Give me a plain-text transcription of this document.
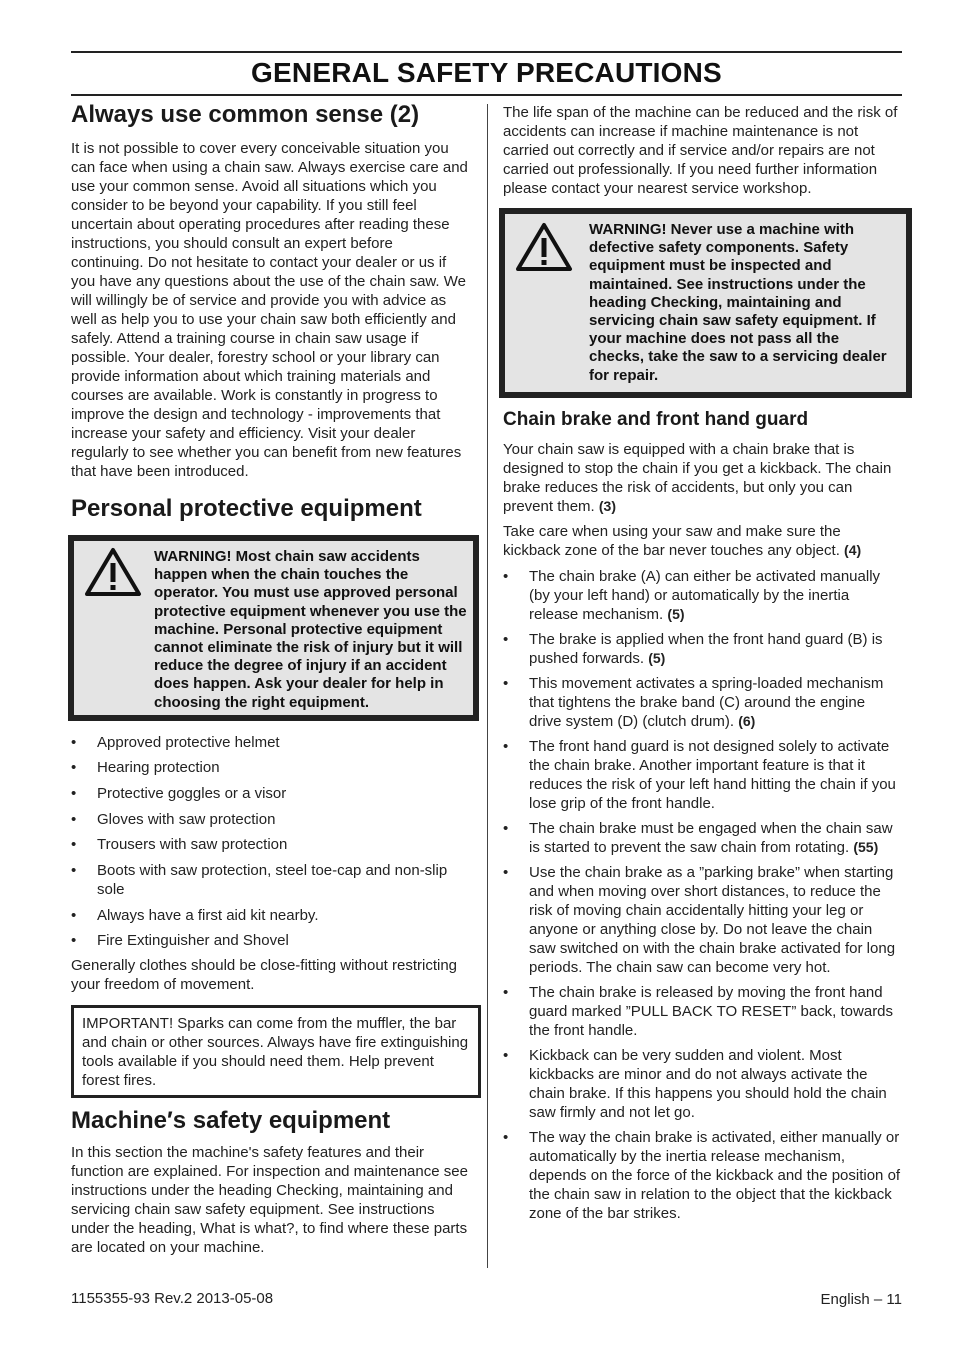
GENERAL SAFETY PRECAUTIONS
Always use common sense (2)

It is not possible to cover every conceivable situation you can face when using a chain saw. Always exercise care and use your common sense. Avoid all situations which you consider to be beyond your capability. If you still feel uncertain about operating procedures after reading these instructions, you should consult an expert before continuing. Do not hesitate to contact your dealer or us if you have any questions about the use of the chain saw. We will willingly be of service and provide you with advice as well as help you to use your chain saw both efficiently and safely. Attend a training course in chain saw usage if possible. Your dealer, forestry school or your library can provide information about which training materials and courses are available. Work is constantly in progress to improve the design and technology - improvements that increase your safety and efficiency. Visit your dealer regularly to see whether you can benefit from new features that have been introduced.

Personal protective equipment
WARNING! Most chain saw accidents happen when the chain touches the operator. You must use approved personal protective equipment whenever you use the machine. Personal protective equipment cannot eliminate the risk of injury but it will reduce the degree of injury if an accident does happen. Ask your dealer for help in choosing the right equipment.
• Approved protective helmet
• Hearing protection
• Protective goggles or a visor
• Gloves with saw protection
• Trousers with saw protection
• Boots with saw protection, steel toe-cap and non-slip sole
• Always have a first aid kit nearby.
• Fire Extinguisher and Shovel

Generally clothes should be close-fitting without restricting your freedom of movement.

IMPORTANT! Sparks can come from the muffler, the bar and chain or other sources. Always have fire extinguishing tools available if you should need them. Help prevent forest fires.
Machine′s safety equipment

In this section the machine's safety features and their function are explained. For inspection and maintenance see instructions under the heading Checking, maintaining and servicing chain saw safety equipment. See instructions under the heading, What is what?, to find where these parts are located on your machine.

The life span of the machine can be reduced and the risk of accidents can increase if machine maintenance is not carried out correctly and if service and/or repairs are not carried out professionally. If you need further information please contact your nearest service workshop.

WARNING! Never use a machine with defective safety components. Safety equipment must be inspected and maintained. See instructions under the heading Checking, maintaining and servicing chain saw safety equipment. If your machine does not pass all the checks, take the saw to a servicing dealer for repair.
Chain brake and front hand guard

Your chain saw is equipped with a chain brake that is designed to stop the chain if you get a kickback. The chain brake reduces the risk of accidents, but only you can prevent them. (3)

Take care when using your saw and make sure the kickback zone of the bar never touches any object. (4)

• The chain brake (A) can either be activated manually (by your left hand) or automatically by the inertia release mechanism. (5)
• The brake is applied when the front hand guard (B) is pushed forwards. (5)
• This movement activates a spring-loaded mechanism that tightens the brake band (C) around the engine drive system (D) (clutch drum). (6)
• The front hand guard is not designed solely to activate the chain brake. Another important feature is that it reduces the risk of your left hand hitting the chain if you lose grip of the front handle.
• The chain brake must be engaged when the chain saw is started to prevent the saw chain from rotating. (55)
• Use the chain brake as a ”parking brake” when starting and when moving over short distances, to reduce the risk of moving chain accidentally hitting your leg or anyone or anything close by. Do not leave the chain saw switched on with the chain brake activated for long periods. The chain saw can become very hot.
• The chain brake is released by moving the front hand guard marked ”PULL BACK TO RESET” back, towards the front handle.
• Kickback can be very sudden and violent. Most kickbacks are minor and do not always activate the chain brake. If this happens you should hold the chain saw firmly and not let go.
• The way the chain brake is activated, either manually or automatically by the inertia release mechanism, depends on the force of the kickback and the position of the chain saw in relation to the object that the kickback zone of the bar strikes.
1155355-93 Rev.2 2013-05-08	English – 11
